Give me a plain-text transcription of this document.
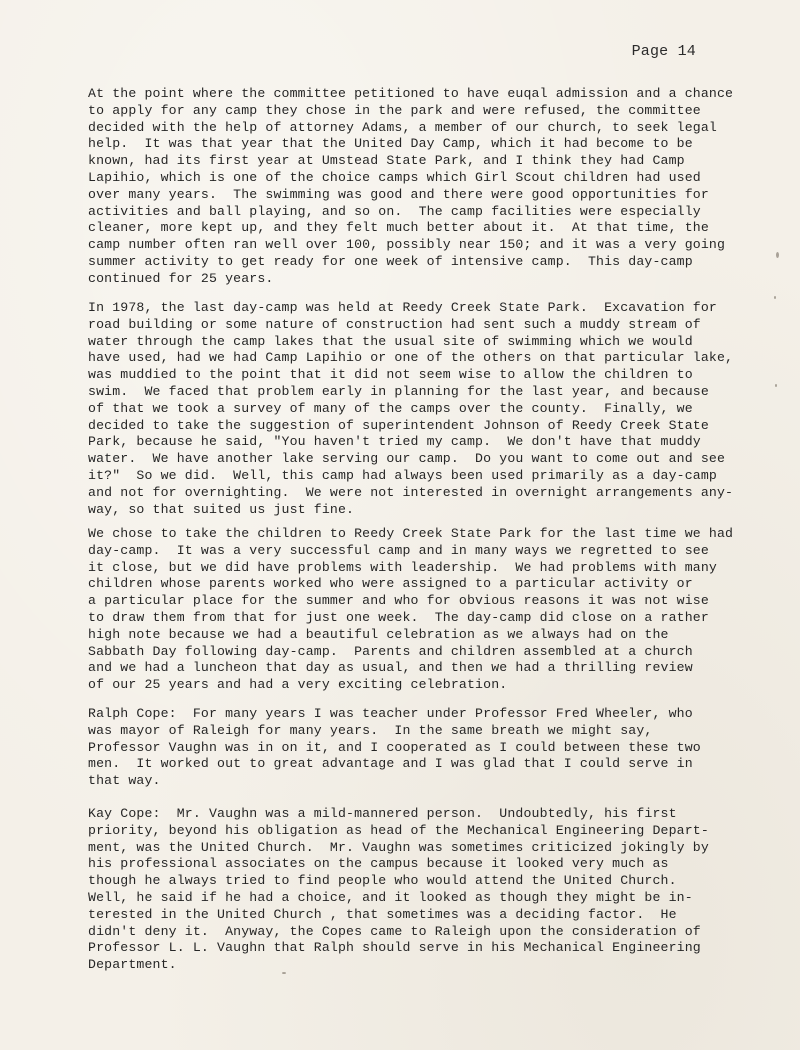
Page 14
At the point where the committee petitioned to have euqal admission and a chance
to apply for any camp they chose in the park and were refused, the committee
decided with the help of attorney Adams, a member of our church, to seek legal
help.  It was that year that the United Day Camp, which it had become to be
known, had its first year at Umstead State Park, and I think they had Camp
Lapihio, which is one of the choice camps which Girl Scout children had used
over many years.  The swimming was good and there were good opportunities for
activities and ball playing, and so on.  The camp facilities were especially
cleaner, more kept up, and they felt much better about it.  At that time, the
camp number often ran well over 100, possibly near 150; and it was a very going
summer activity to get ready for one week of intensive camp.  This day-camp
continued for 25 years.
In 1978, the last day-camp was held at Reedy Creek State Park.  Excavation for
road building or some nature of construction had sent such a muddy stream of
water through the camp lakes that the usual site of swimming which we would
have used, had we had Camp Lapihio or one of the others on that particular lake,
was muddied to the point that it did not seem wise to allow the children to
swim.  We faced that problem early in planning for the last year, and because
of that we took a survey of many of the camps over the county.  Finally, we
decided to take the suggestion of superintendent Johnson of Reedy Creek State
Park, because he said, "You haven't tried my camp.  We don't have that muddy
water.  We have another lake serving our camp.  Do you want to come out and see
it?"  So we did.  Well, this camp had always been used primarily as a day-camp
and not for overnighting.  We were not interested in overnight arrangements any-
way, so that suited us just fine.
We chose to take the children to Reedy Creek State Park for the last time we had
day-camp.  It was a very successful camp and in many ways we regretted to see
it close, but we did have problems with leadership.  We had problems with many
children whose parents worked who were assigned to a particular activity or
a particular place for the summer and who for obvious reasons it was not wise
to draw them from that for just one week.  The day-camp did close on a rather
high note because we had a beautiful celebration as we always had on the
Sabbath Day following day-camp.  Parents and children assembled at a church
and we had a luncheon that day as usual, and then we had a thrilling review
of our 25 years and had a very exciting celebration.
Ralph Cope:  For many years I was teacher under Professor Fred Wheeler, who
was mayor of Raleigh for many years.  In the same breath we might say,
Professor Vaughn was in on it, and I cooperated as I could between these two
men.  It worked out to great advantage and I was glad that I could serve in
that way.
Kay Cope:  Mr. Vaughn was a mild-mannered person.  Undoubtedly, his first
priority, beyond his obligation as head of the Mechanical Engineering Depart-
ment, was the United Church.  Mr. Vaughn was sometimes criticized jokingly by
his professional associates on the campus because it looked very much as
though he always tried to find people who would attend the United Church.
Well, he said if he had a choice, and it looked as though they might be in-
terested in the United Church , that sometimes was a deciding factor.  He
didn't deny it.  Anyway, the Copes came to Raleigh upon the consideration of
Professor L. L. Vaughn that Ralph should serve in his Mechanical Engineering
Department.
